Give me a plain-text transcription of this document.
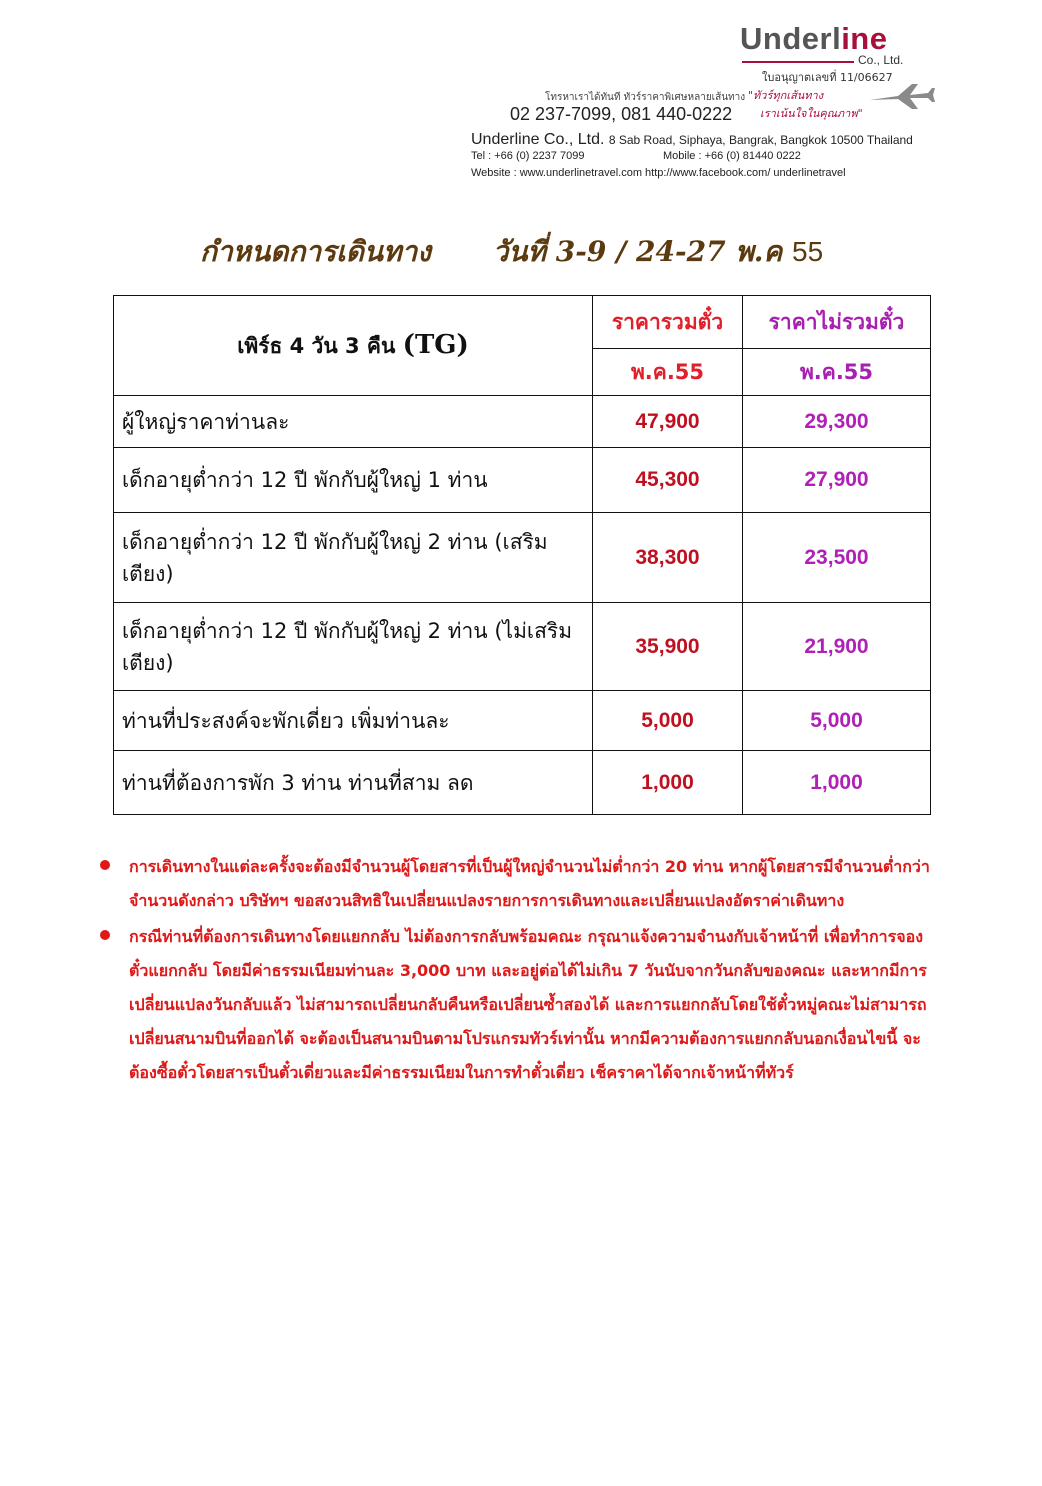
Underline
Co., Ltd.
ใบอนุญาตเลขที่ 11/06627
โทรหาเราได้ทันที ทัวร์ราคาพิเศษหลายเส้นทาง "ทัวร์ทุกเส้นทาง
เราเน้นใจในคุณภาพ"
02 237-7099, 081 440-0222
Underline Co., Ltd. 8 Sab Road, Siphaya, Bangrak, Bangkok 10500 Thailand
Tel : +66 (0) 2237 7099	Mobile : +66 (0) 81440 0222
Website : www.underlinetravel.com http://www.facebook.com/ underlinetravel
กำหนดการเดินทาง วันที่ 3-9 / 24-27 พ.ค 55
เพิร์ธ 4 วัน 3 คืน (TG)	ราคารวมตั๋ว	ราคาไม่รวมตั๋ว
	พ.ค.55	พ.ค.55
ผู้ใหญ่ราคาท่านละ	47,900	29,300
เด็กอายุต่ำกว่า 12 ปี พักกับผู้ใหญ่ 1 ท่าน	45,300	27,900
เด็กอายุต่ำกว่า 12 ปี พักกับผู้ใหญ่ 2 ท่าน (เสริมเตียง)	38,300	23,500
เด็กอายุต่ำกว่า 12 ปี พักกับผู้ใหญ่ 2 ท่าน (ไม่เสริมเตียง)	35,900	21,900
ท่านที่ประสงค์จะพักเดี่ยว เพิ่มท่านละ	5,000	5,000
ท่านที่ต้องการพัก 3 ท่าน ท่านที่สาม ลด	1,000	1,000
การเดินทางในแต่ละครั้งจะต้องมีจำนวนผู้โดยสารที่เป็นผู้ใหญ่จำนวนไม่ต่ำกว่า 20 ท่าน หากผู้โดยสารมีจำนวนต่ำกว่าจำนวนดังกล่าว บริษัทฯ ขอสงวนสิทธิในเปลี่ยนแปลงรายการการเดินทางและเปลี่ยนแปลงอัตราค่าเดินทาง
กรณีท่านที่ต้องการเดินทางโดยแยกกลับ ไม่ต้องการกลับพร้อมคณะ กรุณาแจ้งความจำนงกับเจ้าหน้าที่ เพื่อทำการจองตั๋วแยกกลับ โดยมีค่าธรรมเนียมท่านละ 3,000 บาท และอยู่ต่อได้ไม่เกิน 7 วันนับจากวันกลับของคณะ และหากมีการเปลี่ยนแปลงวันกลับแล้ว ไม่สามารถเปลี่ยนกลับคืนหรือเปลี่ยนซ้ำสองได้ และการแยกกลับโดยใช้ตั๋วหมู่คณะไม่สามารถเปลี่ยนสนามบินที่ออกได้ จะต้องเป็นสนามบินตามโปรแกรมทัวร์เท่านั้น หากมีความต้องการแยกกลับนอกเงื่อนไขนี้ จะต้องซื้อตั๋วโดยสารเป็นตั๋วเดี่ยวและมีค่าธรรมเนียมในการทำตั๋วเดี่ยว เช็คราคาได้จากเจ้าหน้าที่ทัวร์
